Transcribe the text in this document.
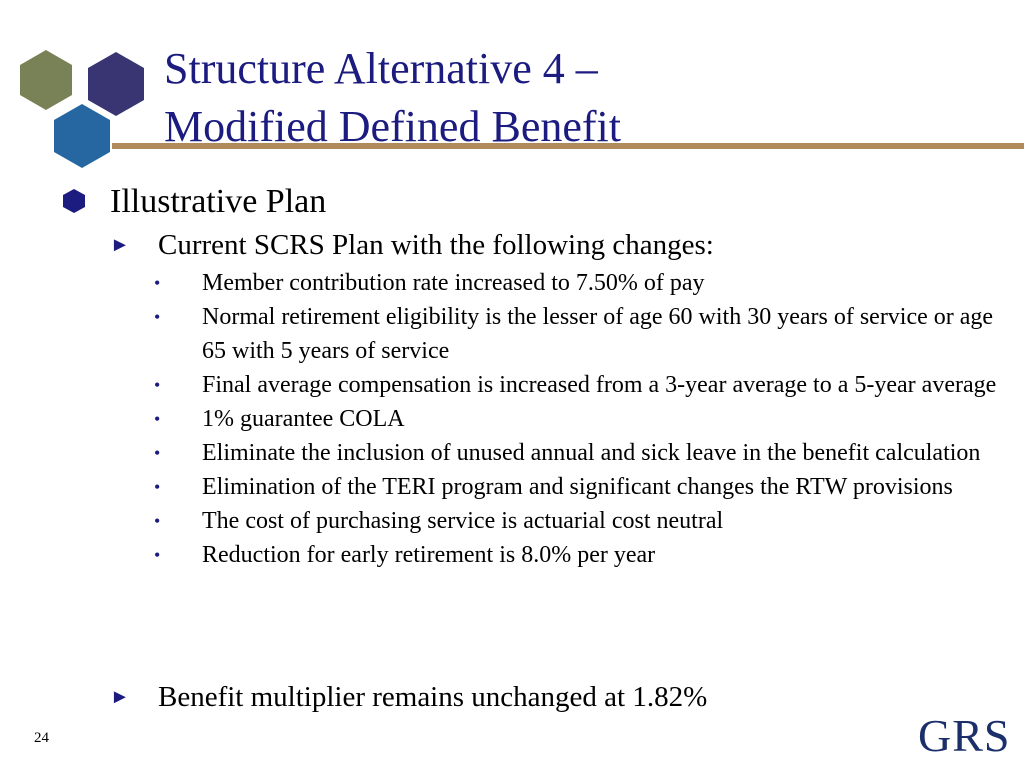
Structure Alternative 4 –
Modified Defined Benefit
Illustrative Plan
► Current SCRS Plan with the following changes:
•	Member contribution rate increased to 7.50% of pay
•	Normal retirement eligibility is the lesser of age 60 with 30 years of service or age 65 with 5 years of service
•	Final average compensation is increased from a 3-year average to a 5-year average
•	1% guarantee COLA
•	Eliminate the inclusion of unused annual and sick leave in the benefit calculation
•	Elimination of the TERI program and significant changes the RTW provisions
•	The cost of purchasing service is actuarial cost neutral
•	Reduction for early retirement is 8.0% per year
► Benefit multiplier remains unchanged at 1.82%
24	GRS
